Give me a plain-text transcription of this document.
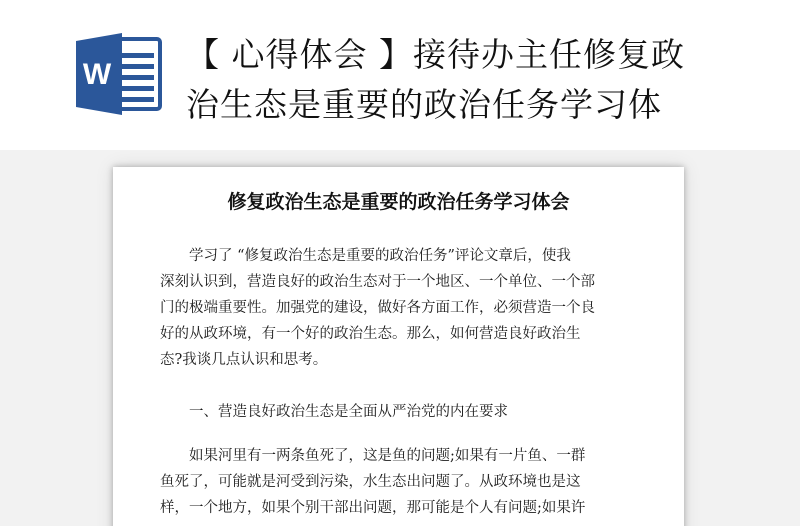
W
【 心得体会 】接待办主任修复政
治生态是重要的政治任务学习体
修复政治生态是重要的政治任务学习体会
　　学习了 “修复政治生态是重要的政治任务”评论文章后，使我
深刻认识到，营造良好的政治生态对于一个地区、一个单位、一个部
门的极端重要性。加强党的建设，做好各方面工作，必须营造一个良
好的从政环境，有一个好的政治生态。那么，如何营造良好政治生
态?我谈几点认识和思考。
　　一、营造良好政治生态是全面从严治党的内在要求
　　如果河里有一两条鱼死了，这是鱼的问题;如果有一片鱼、一群
鱼死了，可能就是河受到污染，水生态出问题了。从政环境也是这
样，一个地方，如果个别干部出问题，那可能是个人有问题;如果许
